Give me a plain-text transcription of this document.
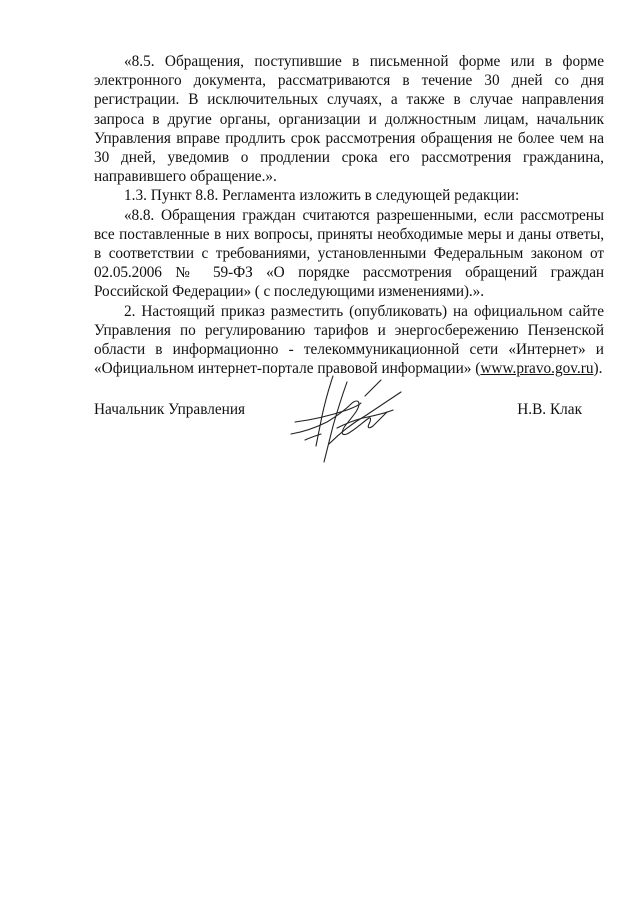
«8.5. Обращения, поступившие в письменной форме или в форме электронного документа, рассматриваются в течение 30 дней со дня регистрации. В исключительных случаях, а также в случае направления запроса в другие органы, организации и должностным лицам, начальник Управления вправе продлить срок рассмотрения обращения не более чем на 30 дней, уведомив о продлении срока его рассмотрения гражданина, направившего обращение.».

1.3. Пункт 8.8. Регламента изложить в следующей редакции:

«8.8. Обращения граждан считаются разрешенными, если рассмотрены все поставленные в них вопросы, приняты необходимые меры и даны ответы, в соответствии с требованиями, установленными Федеральным законом от 02.05.2006 № 59-ФЗ «О порядке рассмотрения обращений граждан Российской Федерации» ( с последующими изменениями).».

2. Настоящий приказ разместить (опубликовать) на официальном сайте Управления по регулированию тарифов и энергосбережению Пензенской области в информационно - телекоммуникационной сети «Интернет» и «Официальном интернет-портале правовой информации» (www.pravo.gov.ru).

Начальник Управления	Н.В. Клак
